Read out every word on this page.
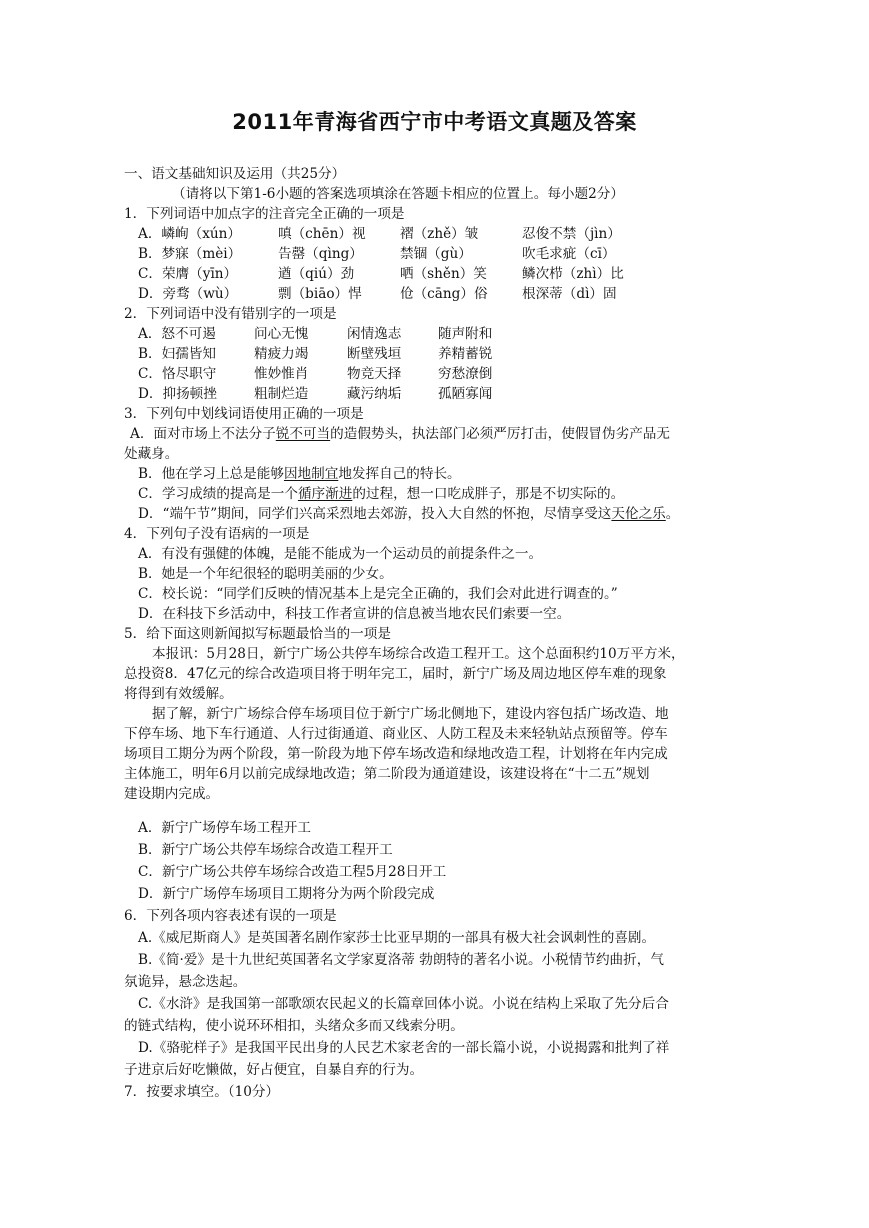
2011年青海省西宁市中考语文真题及答案
一、语文基础知识及运用（共25分）
（请将以下第1-6小题的答案选项填涂在答题卡相应的位置上。每小题2分）
1．下列词语中加点字的注音完全正确的一项是
A．嶙峋（xún）	嗔（chēn）视	褶（zhě）皱	忍俊不禁（jìn）
B．梦寐（mèi）	告罄（qìng）	禁锢（gù）	吹毛求疵（cī）
C．荣膺（yīn）	遒（qiú）劲	哂（shěn）笑	鳞次栉（zhì）比
D．旁骛（wù）	剽（biāo）悍	伧（cāng）俗	根深蒂（dì）固
2．下列词语中没有错别字的一项是
A．怒不可遏	问心无愧	闲情逸志	随声附和
B．妇孺皆知	精疲力竭	断壁残垣	养精蓄锐
C．恪尽职守	惟妙惟肖	物竞天择	穷愁潦倒
D．抑扬顿挫	粗制烂造	藏污纳垢	孤陋寡闻
3．下列句中划线词语使用正确的一项是
A．面对市场上不法分子锐不可当的造假势头，执法部门必须严厉打击，使假冒伪劣产品无
处藏身。
B．他在学习上总是能够因地制宜地发挥自己的特长。
C．学习成绩的提高是一个循序渐进的过程，想一口吃成胖子，那是不切实际的。
D．“端午节”期间，同学们兴高采烈地去郊游，投入大自然的怀抱，尽情享受这天伦之乐。
4．下列句子没有语病的一项是
A．有没有强健的体魄，是能不能成为一个运动员的前提条件之一。
B．她是一个年纪很轻的聪明美丽的少女。
C．校长说：“同学们反映的情况基本上是完全正确的，我们会对此进行调查的。”
D．在科技下乡活动中，科技工作者宣讲的信息被当地农民们索要一空。
5．给下面这则新闻拟写标题最恰当的一项是
本报讯：5月28日，新宁广场公共停车场综合改造工程开工。这个总面积约10万平方米，
总投资8．47亿元的综合改造项目将于明年完工，届时，新宁广场及周边地区停车难的现象
将得到有效缓解。
据了解，新宁广场综合停车场项目位于新宁广场北侧地下，建设内容包括广场改造、地
下停车场、地下车行通道、人行过街通道、商业区、人防工程及未来轻轨站点预留等。停车
场项目工期分为两个阶段，第一阶段为地下停车场改造和绿地改造工程，计划将在年内完成
主体施工，明年6月以前完成绿地改造；第二阶段为通道建设，该建设将在“十二五”规划
建设期内完成。
A．新宁广场停车场工程开工
B．新宁广场公共停车场综合改造工程开工
C．新宁广场公共停车场综合改造工程5月28日开工
D．新宁广场停车场项目工期将分为两个阶段完成
6．下列各项内容表述有误的一项是
A.《威尼斯商人》是英国著名剧作家莎士比亚早期的一部具有极大社会讽刺性的喜剧。
B.《简·爱》是十九世纪英国著名文学家夏洛蒂 勃朗特的著名小说。小税情节约曲折，气
氛诡异，悬念迭起。
C.《水浒》是我国第一部歌颂农民起义的长篇章回体小说。小说在结构上采取了先分后合
的链式结构，使小说环环相扣，头绪众多而又线索分明。
D.《骆驼样子》是我国平民出身的人民艺术家老舍的一部长篇小说，小说揭露和批判了祥
子进京后好吃懒做，好占便宜，自暴自弃的行为。
7．按要求填空。（10分）
